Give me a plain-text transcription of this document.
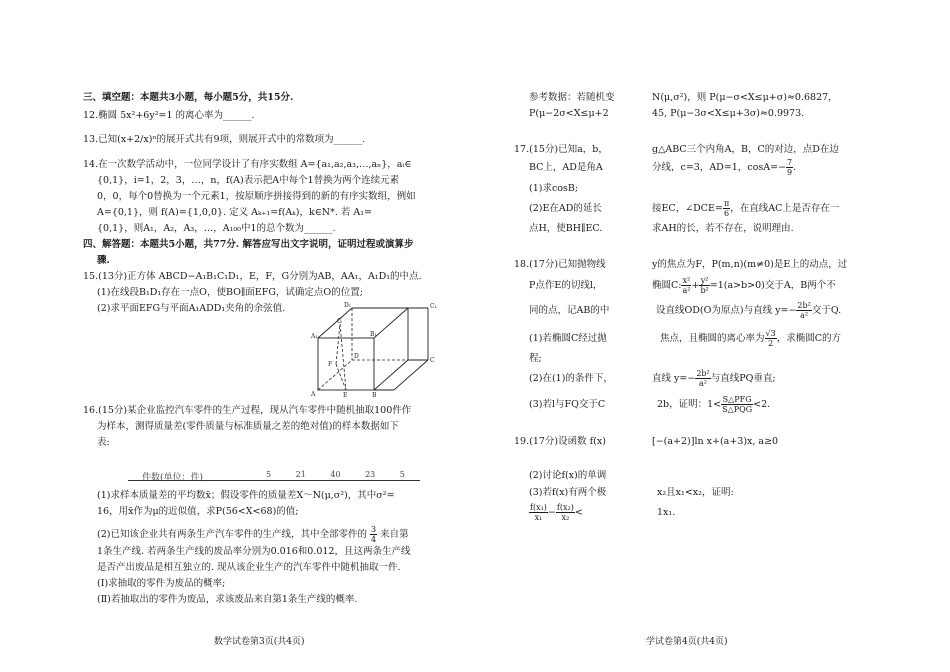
三、填空题：本题共3小题，每小题5分，共15分.
12.椭圆 5x²+6y²=1 的离心率为______.
13.已知(x+2/x)ⁿ的展开式共有9项，则展开式中的常数项为______.
14.在一次数学活动中，一位同学设计了有序实数组 A={a₁,a₂,a₃,…,aₙ}，aᵢ∈
{0,1}，i=1，2，3，…，n，f(A)表示把A中每个1替换为两个连续元素
0，0，每个0替换为一个元素1，按原顺序拼接得到的新的有序实数组，例如
A={0,1}，则 f(A)={1,0,0}. 定义 Aₖ₊₁=f(Aₖ)，k∈N*. 若 A₁=
{0,1}，则A₁，A₂，A₃，…，A₁₀₀中1的总个数为______.
四、解答题：本题共5小题，共77分. 解答应写出文字说明，证明过程或演算步
骤.
15.(13分)正方体 ABCD−A₁B₁C₁D₁，E，F，G分别为AB，AA₁，A₁D₁的中点.
(1)在线段B₁D₁存在一点O，使BO∥面EFG，试确定点O的位置;
(2)求平面EFG与平面A₁ADD₁夹角的余弦值.	C₁
D₁
G
B₁
A₁
F
D
C
A	E	B
16.(15分)某企业监控汽车零件的生产过程，现从汽车零件中随机抽取100件作
为样本，测得质量差(零件质量与标准质量之差的绝对值)的样本数据如下
表:
件数(单位：件)	5 21 40 23 5
(1)求样本质量差的平均数x̄；假设零件的质量差X～N(μ,σ²)，其中σ²=
16，用x̄作为μ的近似值，求P(56<X<68)的值;
(2)已知该企业共有两条生产汽车零件的生产线，其中全部零件的 $\frac{3}{4}$ 来自第
1条生产线. 若两条生产线的废品率分别为0.016和0.012，且这两条生产线
是否产出废品是相互独立的. 现从该企业生产的汽车零件中随机抽取一件.
(Ⅰ)求抽取的零件为废品的概率;
(Ⅱ)若抽取出的零件为废品，求该废品来自第1条生产线的概率.
数学试卷第3页(共4页)
参考数据：若随机变	N(μ,σ²)，则 P(μ−σ<X≤μ+σ)≈0.6827，
P(μ−2σ<X≤μ+2	45, P(μ−3σ<X≤μ+3σ)≈0.9973.
17.(15分)已知a，b，	g△ABC三个内角A，B，C的对边，点D在边
BC上，AD是角A	分线，c=3，AD=1，$\cos A=- \frac{7}{9}$ .
(1)求cosB;
(2)E在AD的延长	接EC，∠DCE= $\frac{\pi}{6}$ ，在直线AC上是否存在一
点H，使BH∥EC.	求AH的长，若不存在，说明理由.
18.(17分)已知抛物线	y的焦点为F，P(m,n)(m≠0)是E上的动点，过
P点作E的切线l，	椭圆C: $\frac{\text{x²}}{\text{a²}} + \frac{\text{y²}}{\text{b²}} =1(a>b>0)$交于A，B两个不
同的点，记AB的中	设直线OD(O为原点)与直线 $y=- \frac{\text{2b²}}{\text{a²}}$ 交于Q.
(1)若椭圆C经过抛	焦点，且椭圆的离心率为 $\frac{√3}{2}$ ，求椭圆C的方
程;
(2)在(1)的条件下，	直线 $y=- \frac{\text{2b²}}{\text{a²}}$ 与直线PQ垂直;
(3)若l与FQ交于C	2b，证明：$1< \frac{\text{S△PFG}}{\text{S△PQG}} <2$.
19.(17分)设函数 f(x)	[−(a+2)]ln x+(a+3)x, a≥0
(2)讨论f(x)的单调
(3)若f(x)有两个极	x₂且x₁<x₂，证明:
$\frac{\text{f(x₁)}}{\text{x₁}} - \frac{\text{f(x₂)}}{\text{x₂}}$ <	1x₁.
学试卷第4页(共4页)
